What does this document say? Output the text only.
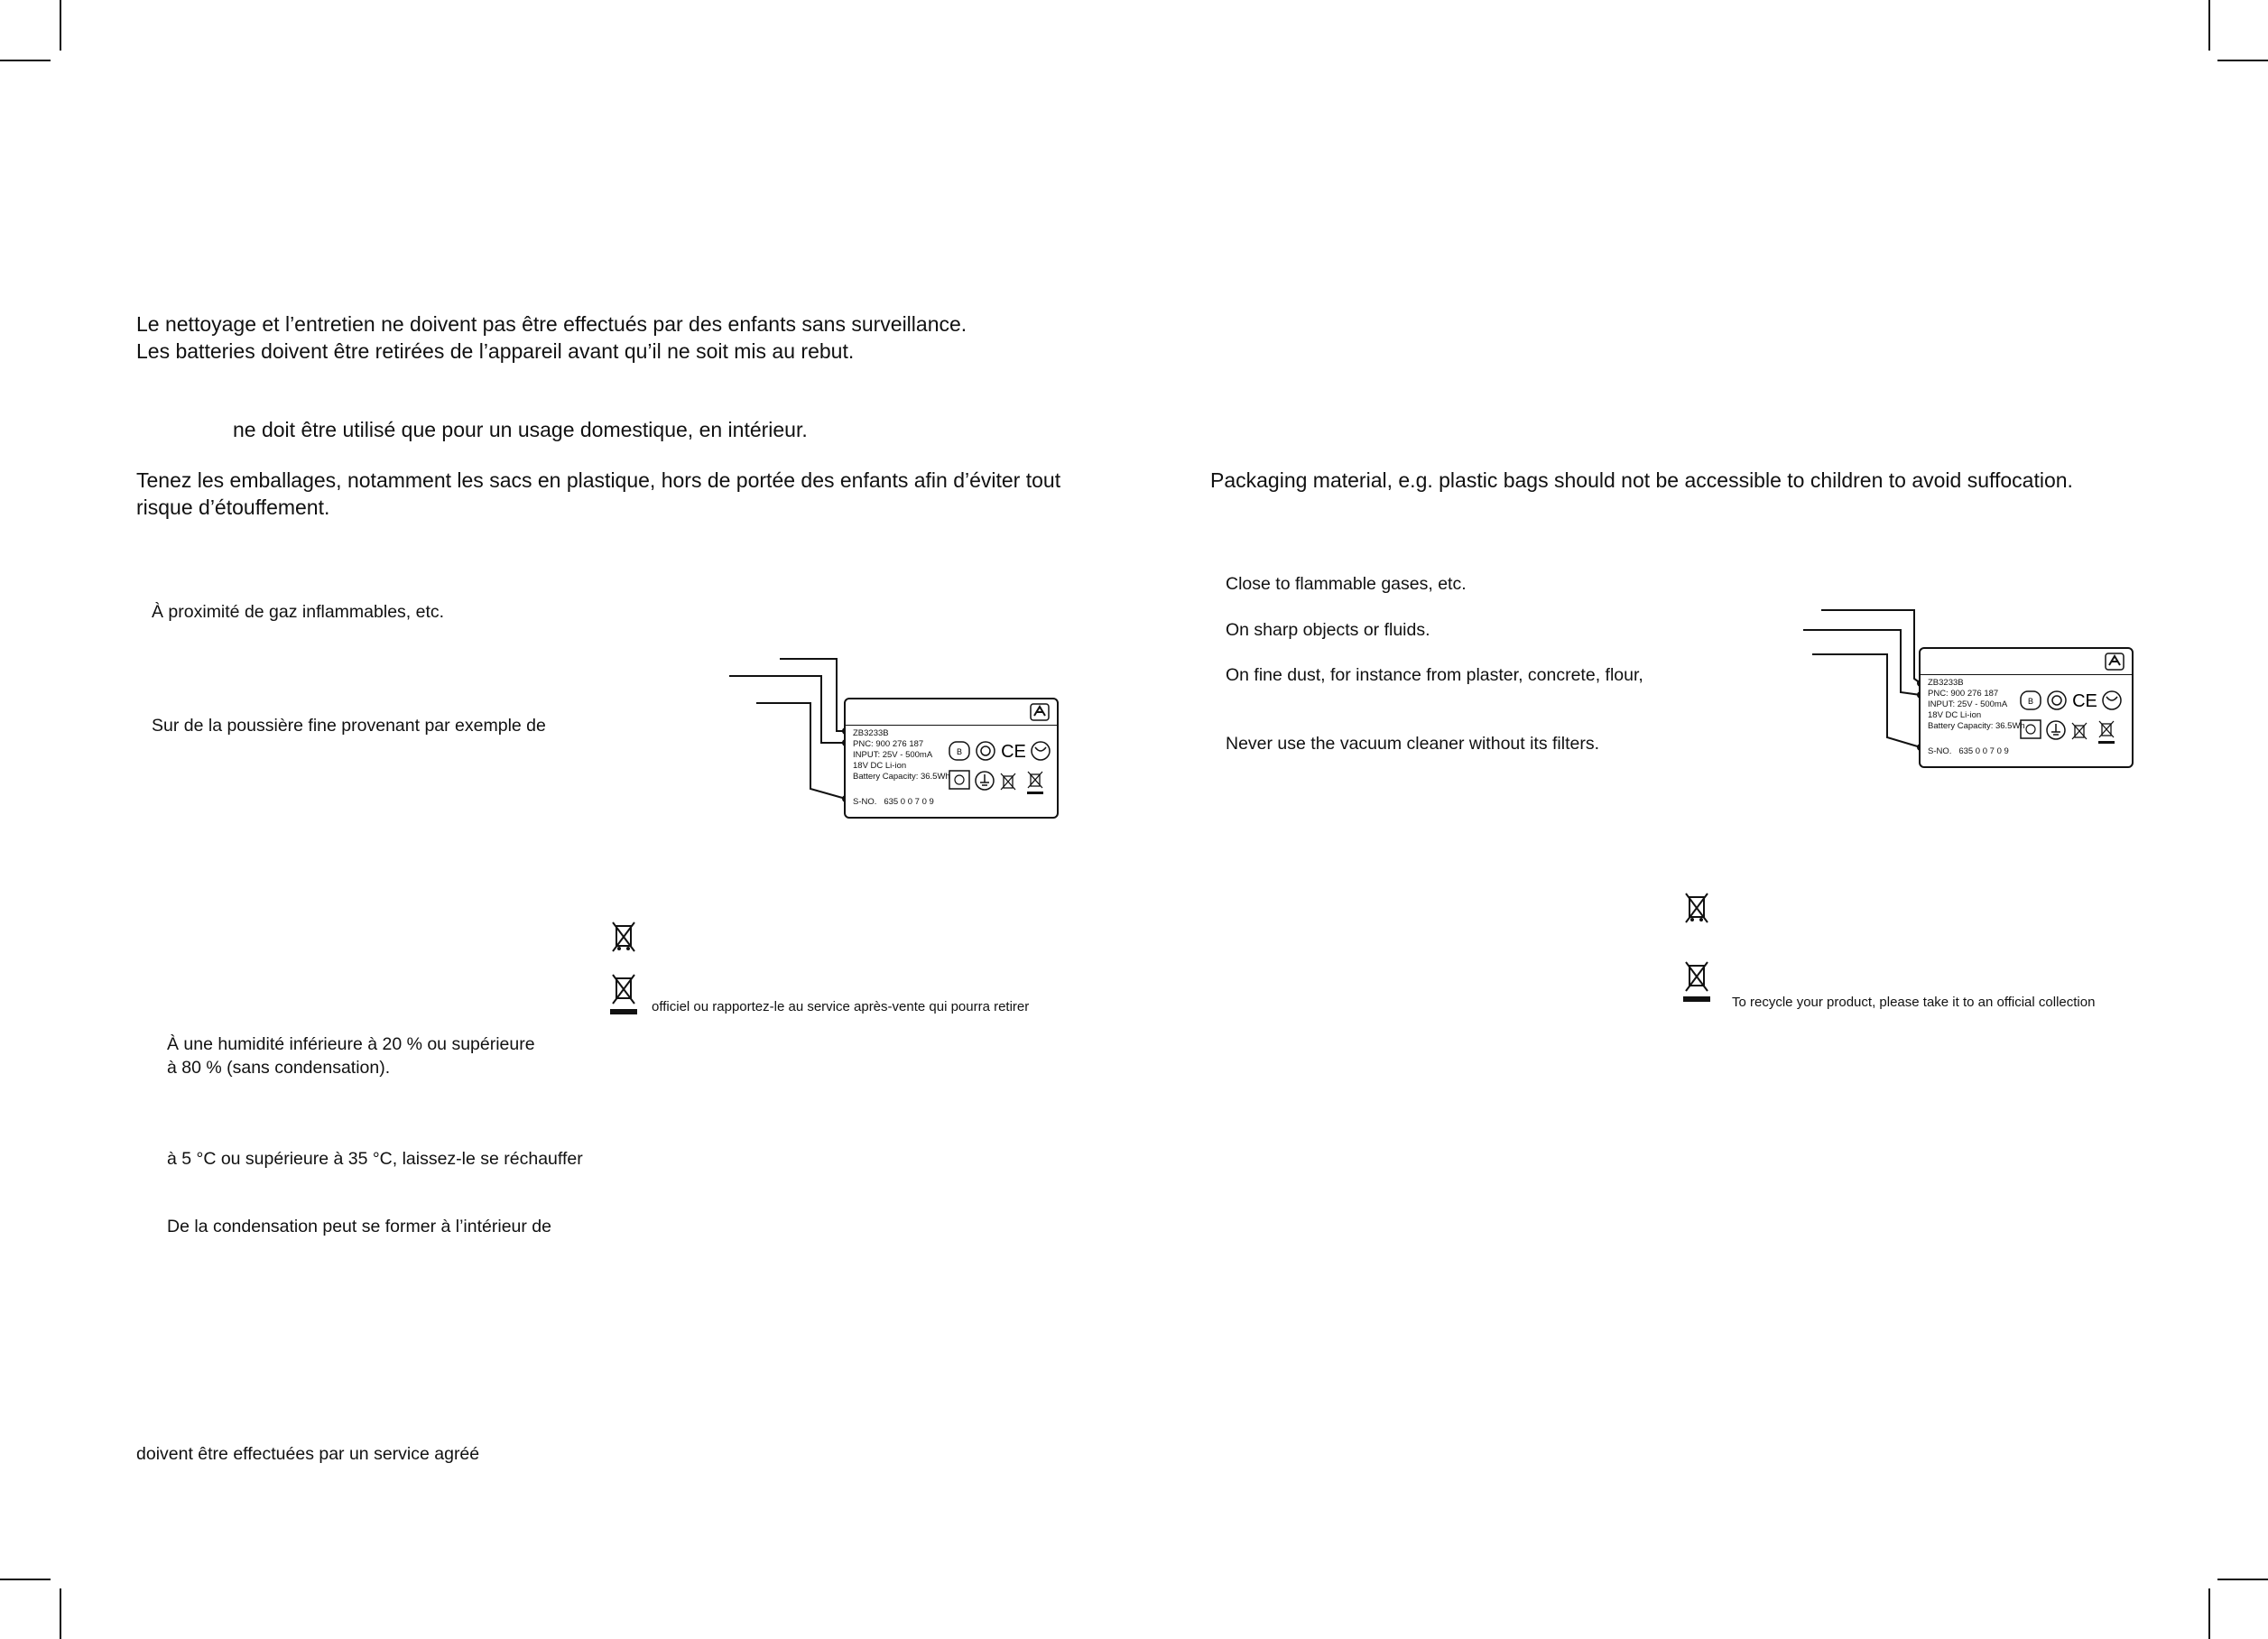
Le nettoyage et l’entretien ne doivent pas être effectués par des enfants sans surveillance.
Les batteries doivent être retirées de l’appareil avant qu’il ne soit mis au rebut.
ne doit être utilisé que pour un usage domestique, en intérieur.
Tenez les emballages, notamment les sacs en plastique, hors de portée des enfants afin d’éviter tout
risque d’étouffement.
À proximité de gaz inflammables, etc.
Sur de la poussière fine provenant par exemple de	ZB3233B
PNC: 900 276 187
INPUT: 25V - 500mA
18V DC Li-ion
Battery Capacity: 36.5Wh
S-NO. 635 0 0 7 0 9
B CE
officiel ou rapportez-le au service après-vente qui pourra retirer
À une humidité inférieure à 20 % ou supérieure
à 80 % (sans condensation).
à 5 °C ou supérieure à 35 °C, laissez-le se réchauffer
De la condensation peut se former à l’intérieur de
doivent être effectuées par un service agréé
Packaging material, e.g. plastic bags should not be accessible to children to avoid suffocation.
Close to flammable gases, etc.
On sharp objects or fluids.
On fine dust, for instance from plaster, concrete, flour,
Never use the vacuum cleaner without its filters.
ZB3233B
PNC: 900 276 187
INPUT: 25V - 500mA
18V DC Li-ion
Battery Capacity: 36.5Wh
S-NO. 635 0 0 7 0 9
B CE
To recycle your product, please take it to an official collection
